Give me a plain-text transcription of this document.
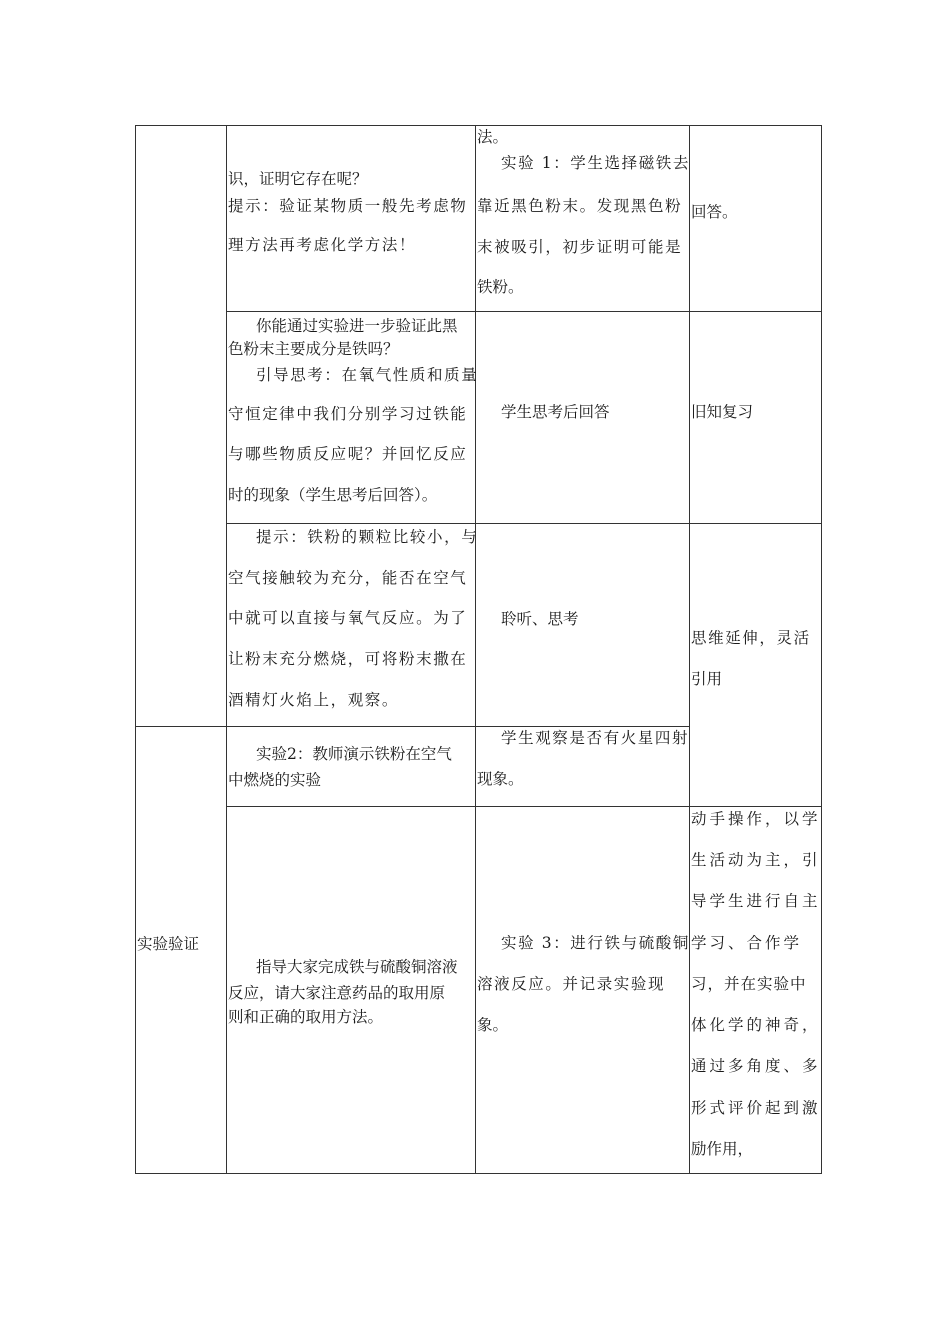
识，证明它存在呢？
提示：验证某物质一般先考虑物
理方法再考虑化学方法！
法。
实验 1：学生选择磁铁去
靠近黑色粉末。发现黑色粉
末被吸引，初步证明可能是
铁粉。
回答。
你能通过实验进一步验证此黑
色粉末主要成分是铁吗？
引导思考：在氧气性质和质量
守恒定律中我们分别学习过铁能
与哪些物质反应呢？并回忆反应
时的现象（学生思考后回答）。
学生思考后回答	旧知复习
提示：铁粉的颗粒比较小，与
空气接触较为充分，能否在空气
中就可以直接与氧气反应。为了
让粉末充分燃烧，可将粉末撒在
酒精灯火焰上，观察。
聆听、思考
思维延伸，灵活
引用
实验验证
实验2：教师演示铁粉在空气
中燃烧的实验
学生观察是否有火星四射
现象。
指导大家完成铁与硫酸铜溶液
反应，请大家注意药品的取用原
则和正确的取用方法。
实验 3：进行铁与硫酸铜
溶液反应。并记录实验现
象。
动手操作，以学
生活动为主，引
导学生进行自主
学习、合作学
习，并在实验中
体化学的神奇，
通过多角度、多
形式评价起到激
励作用，
